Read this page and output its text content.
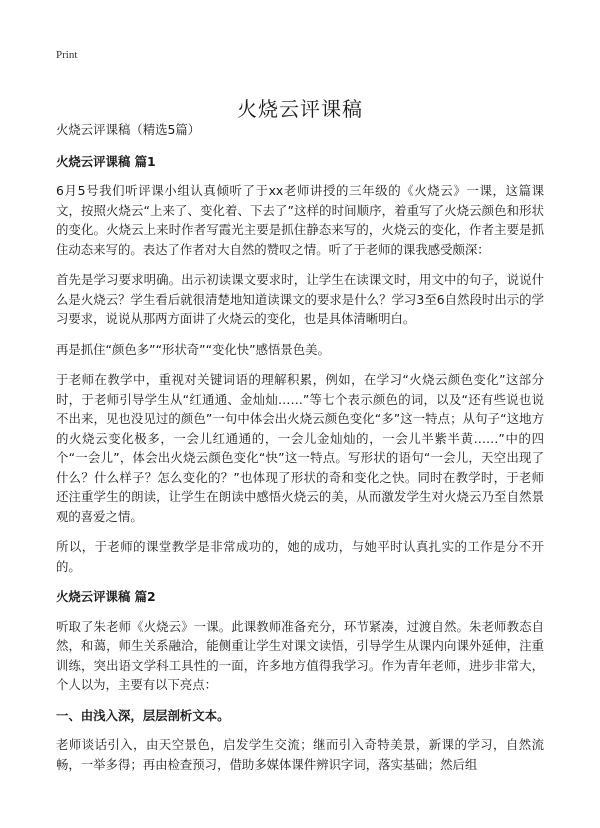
Print
火烧云评课稿

火烧云评课稿（精选5篇）

火烧云评课稿 篇1

6月5号我们听评课小组认真倾听了于xx老师讲授的三年级的《火烧云》一课，这篇课文，按照火烧云“上来了、变化着、下去了”这样的时间顺序，着重写了火烧云颜色和形状的变化。火烧云上来时作者写霞光主要是抓住静态来写的，火烧云的变化，作者主要是抓住动态来写的。表达了作者对大自然的赞叹之情。听了于老师的课我感受颇深：

首先是学习要求明确。出示初读课文要求时，让学生在读课文时，用文中的句子，说说什么是火烧云？学生看后就很清楚地知道读课文的要求是什么？学习3至6自然段时出示的学习要求，说说从那两方面讲了火烧云的变化，也是具体清晰明白。

再是抓住“颜色多”“形状奇”“变化快”感悟景色美。

于老师在教学中，重视对关键词语的理解积累，例如，在学习“火烧云颜色变化”这部分时，于老师引导学生从“红通通、金灿灿……”等七个表示颜色的词，以及“还有些说也说不出来，见也没见过的颜色”一句中体会出火烧云颜色变化“多”这一特点；从句子“这地方的火烧云变化极多，一会儿红通通的，一会儿金灿灿的，一会儿半紫半黄……”中的四个“一会儿”，体会出火烧云颜色变化“快”这一特点。写形状的语句“一会儿，天空出现了什么？什么样子？怎么变化的？”也体现了形状的奇和变化之快。同时在教学时，于老师还注重学生的朗读，让学生在朗读中感悟火烧云的美，从而激发学生对火烧云乃至自然景观的喜爱之情。

所以，于老师的课堂教学是非常成功的，她的成功，与她平时认真扎实的工作是分不开的。

火烧云评课稿 篇2

听取了朱老师《火烧云》一课。此课教师准备充分，环节紧凑，过渡自然。朱老师教态自然，和蔼，师生关系融洽，能侧重让学生对课文读悟，引导学生从课内向课外延伸，注重训练，突出语文学科工具性的一面，许多地方值得我学习。作为青年老师，进步非常大，个人以为，主要有以下亮点：

一、由浅入深，层层剖析文本。

老师谈话引入，由天空景色，启发学生交流；继而引入奇特美景，新课的学习，自然流畅，一举多得；再由检查预习，借助多媒体课件辨识字词，落实基础；然后组
